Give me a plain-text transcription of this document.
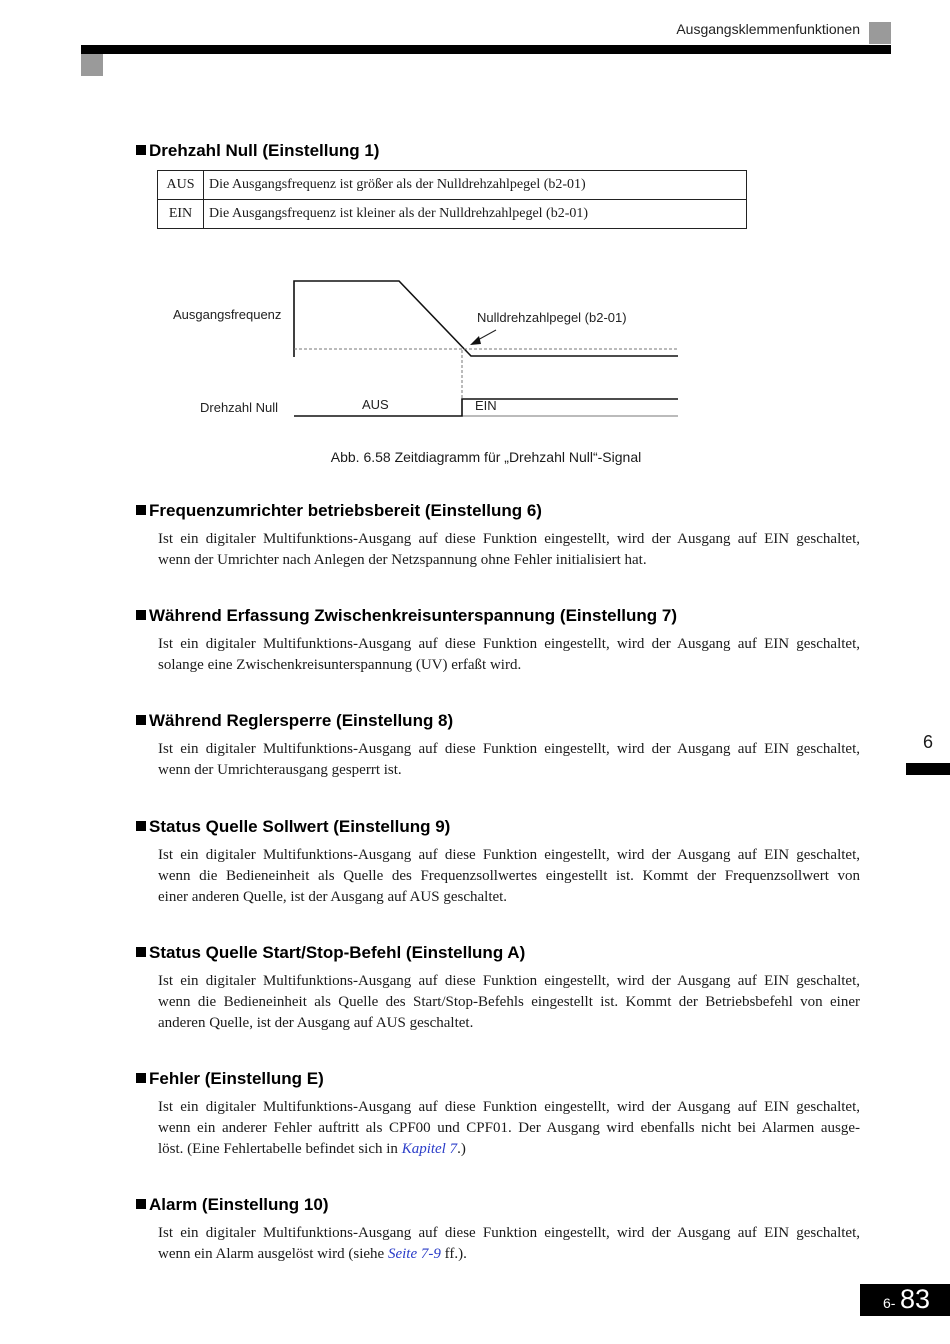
Ausgangsklemmenfunktionen
6
Drehzahl Null (Einstellung 1)
AUS	Die Ausgangsfrequenz ist größer als der Nulldrehzahlpegel (b2-01)
EIN	Die Ausgangsfrequenz ist kleiner als der Nulldrehzahlpegel (b2-01)
Ausgangsfrequenz	Nulldrehzahlpegel (b2-01)
Drehzahl Null	AUS	EIN
Abb. 6.58 Zeitdiagramm für „Drehzahl Null“-Signal
Frequenzumrichter betriebsbereit (Einstellung 6)

Ist ein digitaler Multifunktions-Ausgang auf diese Funktion eingestellt, wird der Ausgang auf EIN geschaltet,
wenn der Umrichter nach Anlegen der Netzspannung ohne Fehler initialisiert hat.

Während Erfassung Zwischenkreisunterspannung (Einstellung 7)

Ist ein digitaler Multifunktions-Ausgang auf diese Funktion eingestellt, wird der Ausgang auf EIN geschaltet,
solange eine Zwischenkreisunterspannung (UV) erfaßt wird.

Während Reglersperre (Einstellung 8)

Ist ein digitaler Multifunktions-Ausgang auf diese Funktion eingestellt, wird der Ausgang auf EIN geschaltet,
wenn der Umrichterausgang gesperrt ist.

Status Quelle Sollwert (Einstellung 9)

Ist ein digitaler Multifunktions-Ausgang auf diese Funktion eingestellt, wird der Ausgang auf EIN geschaltet,
wenn die Bedieneinheit als Quelle des Frequenzsollwertes eingestellt ist. Kommt der Frequenzsollwert von
einer anderen Quelle, ist der Ausgang auf AUS geschaltet.

Status Quelle Start/Stop-Befehl (Einstellung A)

Ist ein digitaler Multifunktions-Ausgang auf diese Funktion eingestellt, wird der Ausgang auf EIN geschaltet,
wenn die Bedieneinheit als Quelle des Start/Stop-Befehls eingestellt ist. Kommt der Betriebsbefehl von einer
anderen Quelle, ist der Ausgang auf AUS geschaltet.

Fehler (Einstellung E)

Ist ein digitaler Multifunktions-Ausgang auf diese Funktion eingestellt, wird der Ausgang auf EIN geschaltet,
wenn ein anderer Fehler auftritt als CPF00 und CPF01. Der Ausgang wird ebenfalls nicht bei Alarmen ausge-
löst. (Eine Fehlertabelle befindet sich in Kapitel 7.)

Alarm (Einstellung 10)

Ist ein digitaler Multifunktions-Ausgang auf diese Funktion eingestellt, wird der Ausgang auf EIN geschaltet,
wenn ein Alarm ausgelöst wird (siehe Seite 7-9 ff.).

6- 83
